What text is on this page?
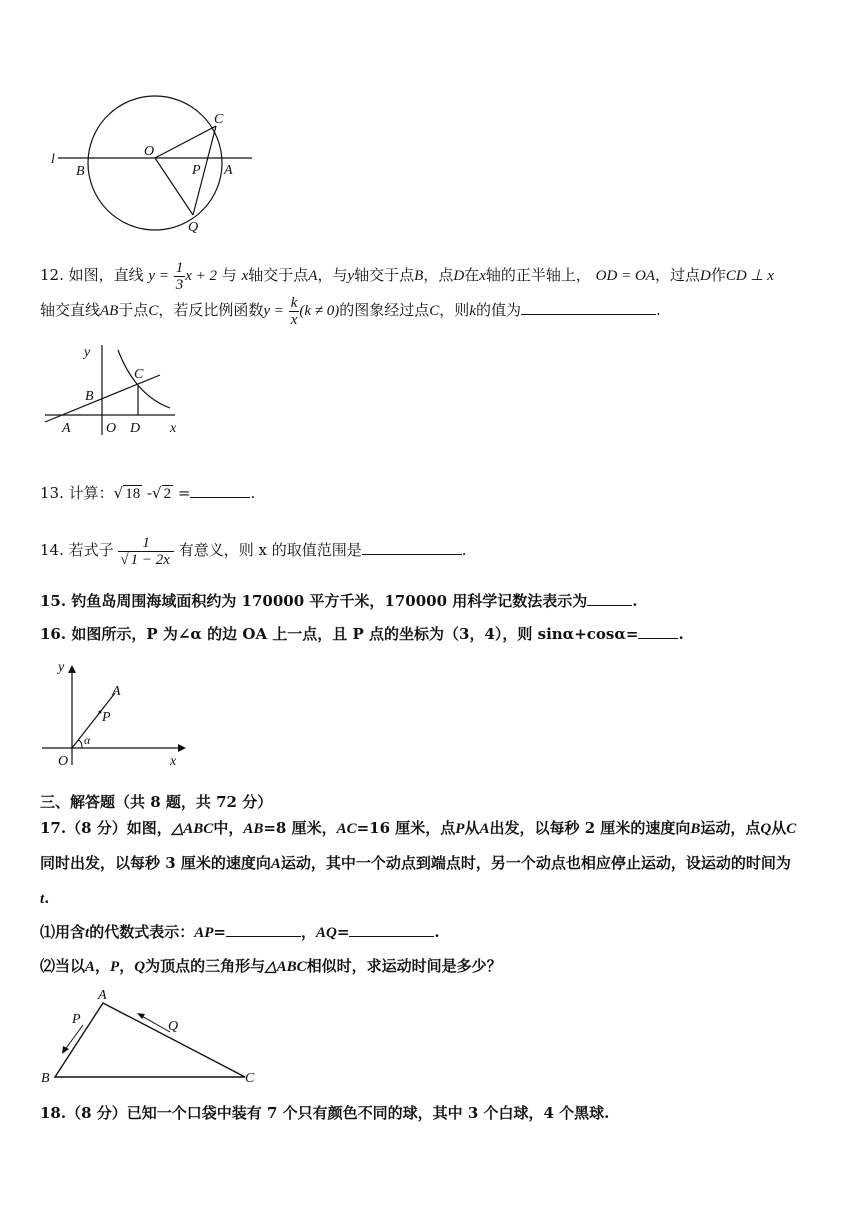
l
B
O
P A
C
Q
12. 如图，直线 $y = \frac{1}{3}$ x + 2 与 x轴交于点A，与y轴交于点B，点D在x轴的正半轴上， OD = OA，过点D作CD ⊥ x
轴交直线AB于点C，若反比例函数$y = \frac{k}{x} (k \ne 0)$的图象经过点C，则k的值为	.
y
C
B
A	O D x
13. 计算：√ 18 -√ 2 =	.
14. 若式子 $\frac{1}{√ 1 - 2x}$ 有意义，则 x 的取值范围是	.
15. 钓鱼岛周围海域面积约为 170000 平方千米，170000 用科学记数法表示为	.
16. 如图所示，P 为∠α 的边 OA 上一点，且 P 点的坐标为（3，4），则 sinα+cosα=	.
y
A
P
α
O	x
三、解答题（共 8 题，共 72 分）
17.（8 分）如图，△ABC中，AB=8 厘米，AC=16 厘米，点P从A出发，以每秒 2 厘米的速度向B运动，点Q从C
同时出发，以每秒 3 厘米的速度向A运动，其中一个动点到端点时，另一个动点也相应停止运动，设运动的时间为
t.
⑴用含t的代数式表示：AP=	，AQ=	.
⑵当以A，P，Q为顶点的三角形与△ABC相似时，求运动时间是多少？
A
P	Q
B	C
18.（8 分）已知一个口袋中装有 7 个只有颜色不同的球，其中 3 个白球，4 个黑球.
